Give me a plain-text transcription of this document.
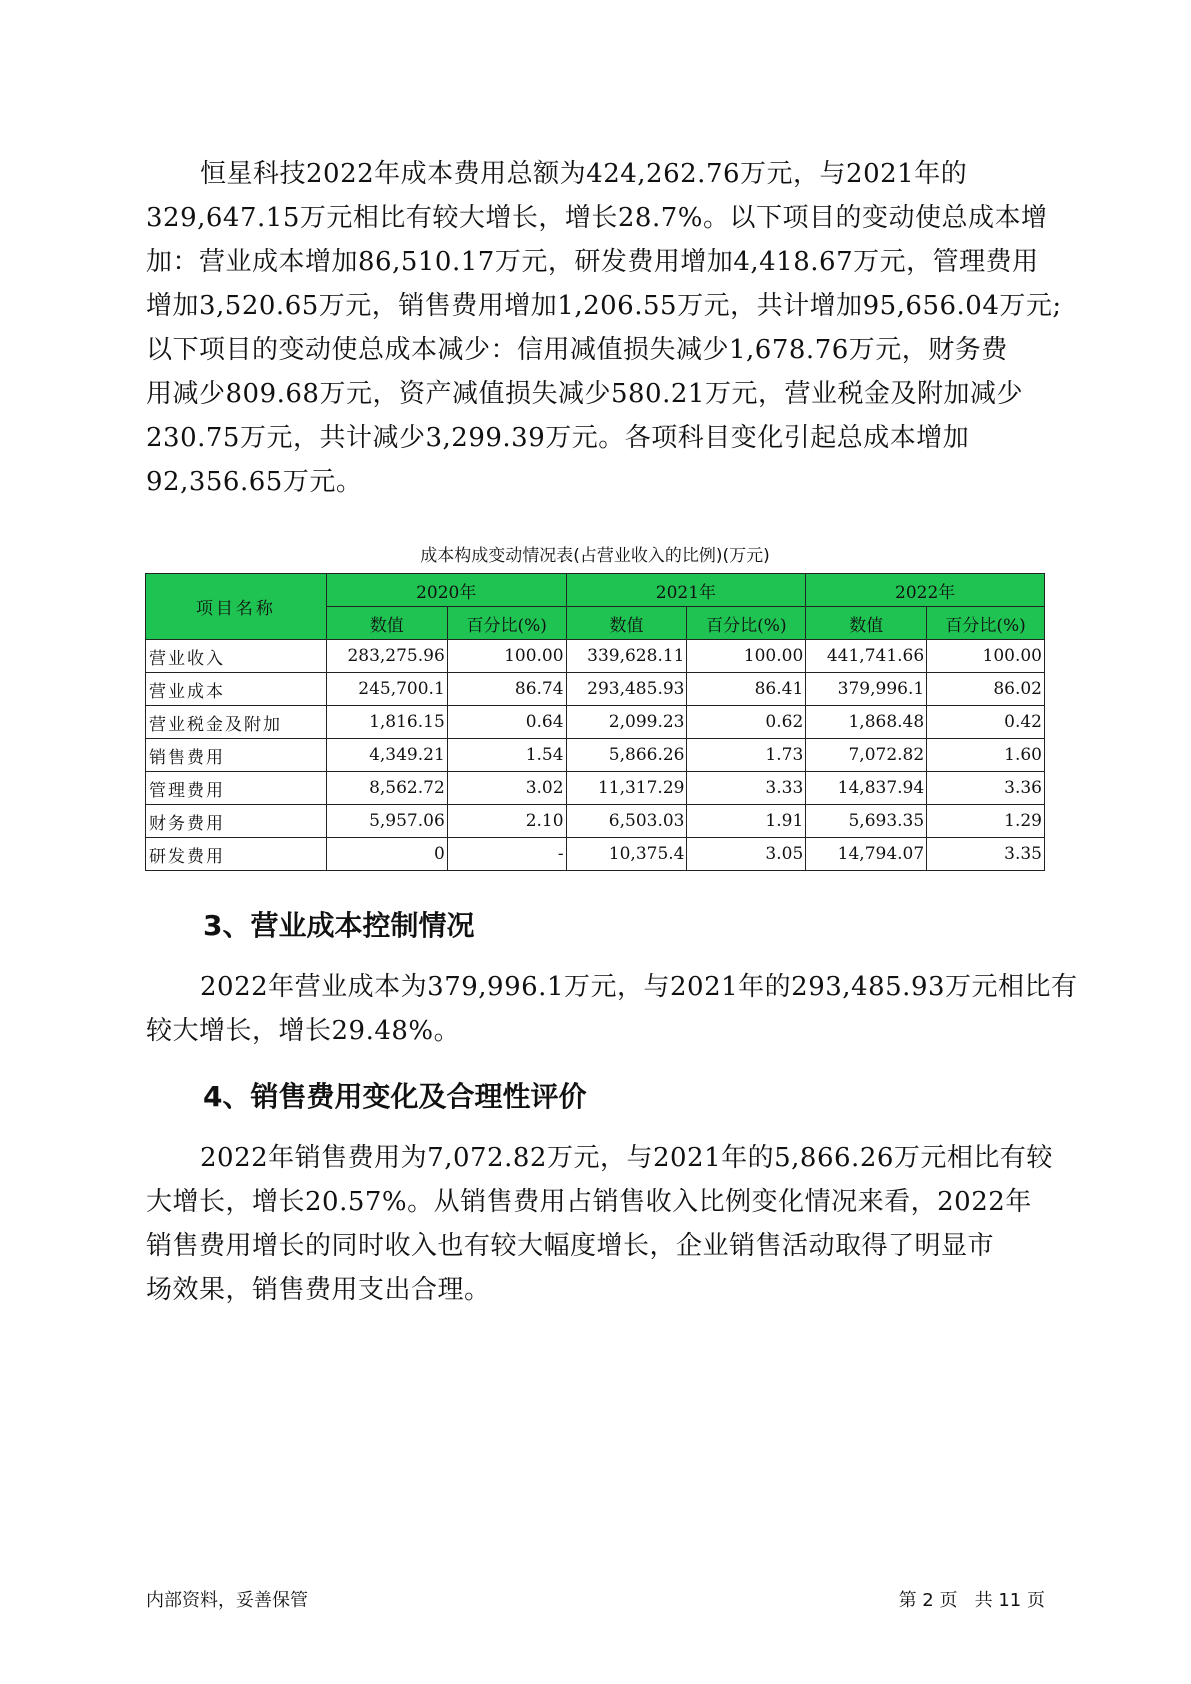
恒星科技2022年成本费用总额为424,262.76万元，与2021年的
329,647.15万元相比有较大增长，增长28.7%。以下项目的变动使总成本增
加：营业成本增加86,510.17万元，研发费用增加4,418.67万元，管理费用
增加3,520.65万元，销售费用增加1,206.55万元，共计增加95,656.04万元;
以下项目的变动使总成本减少：信用减值损失减少1,678.76万元，财务费
用减少809.68万元，资产减值损失减少580.21万元，营业税金及附加减少
230.75万元，共计减少3,299.39万元。各项科目变化引起总成本增加
92,356.65万元。
成本构成变动情况表(占营业收入的比例)(万元)
项目名称	2020年		2021年		2022年	
	数值	百分比(%)	数值	百分比(%)	数值	百分比(%)
营业收入	283,275.96	100.00	339,628.11	100.00	441,741.66	100.00
营业成本	245,700.1	86.74	293,485.93	86.41	379,996.1	86.02
营业税金及附加	1,816.15	0.64	2,099.23	0.62	1,868.48	0.42
销售费用	4,349.21	1.54	5,866.26	1.73	7,072.82	1.60
管理费用	8,562.72	3.02	11,317.29	3.33	14,837.94	3.36
财务费用	5,957.06	2.10	6,503.03	1.91	5,693.35	1.29
研发费用	0	-	10,375.4	3.05	14,794.07	3.35
3、营业成本控制情况
2022年营业成本为379,996.1万元，与2021年的293,485.93万元相比有
较大增长，增长29.48%。
4、销售费用变化及合理性评价
2022年销售费用为7,072.82万元，与2021年的5,866.26万元相比有较
大增长，增长20.57%。从销售费用占销售收入比例变化情况来看，2022年
销售费用增长的同时收入也有较大幅度增长，企业销售活动取得了明显市
场效果，销售费用支出合理。
内部资料，妥善保管	第 2 页   共 11 页
